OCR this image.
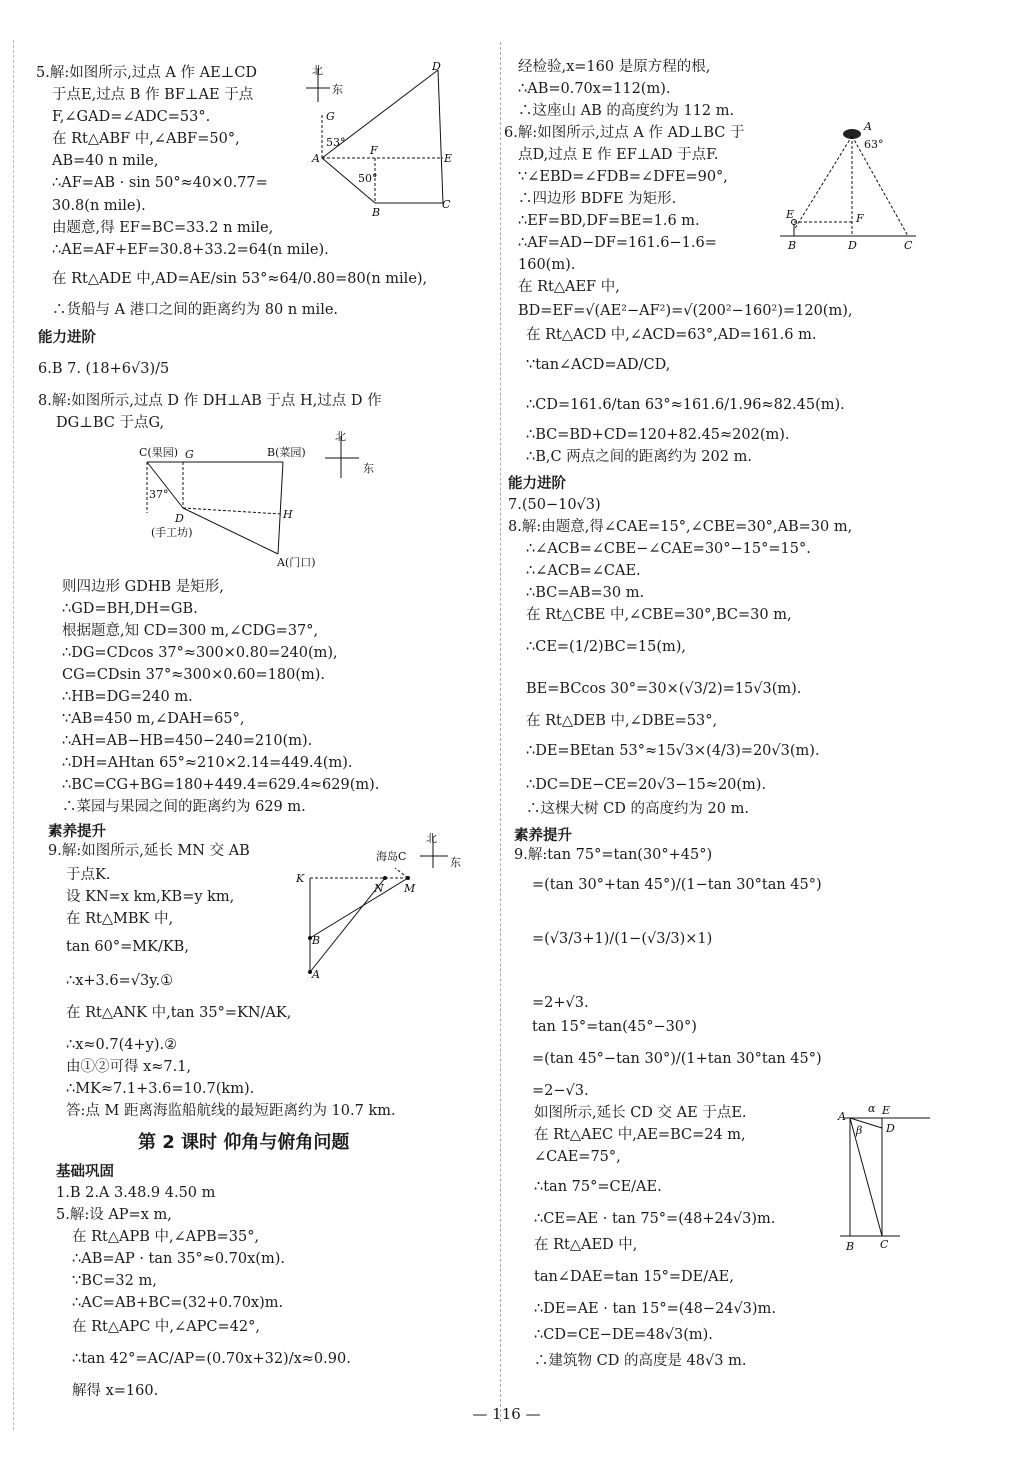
5.解:如图所示,过点 A 作 AE⊥CD
于点E,过点 B 作 BF⊥AE 于点
F,∠GAD=∠ADC=53°.
在 Rt△ABF 中,∠ABF=50°,
AB=40 n mile,
∴AF=AB · sin 50°≈40×0.77=
30.8(n mile).
由题意,得 EF=BC=33.2 n mile,
∴AE=AF+EF=30.8+33.2=64(n mile).
在 Rt△ADE 中,AD=AE/sin 53°≈64/0.80=80(n mile),
∴货船与 A 港口之间的距离约为 80 n mile.
能力进阶
6.B 7. (18+6√3)/5
8.解:如图所示,过点 D 作 DH⊥AB 于点 H,过点 D 作
DG⊥BC 于点G,
则四边形 GDHB 是矩形,
∴GD=BH,DH=GB.
根据题意,知 CD=300 m,∠CDG=37°,
∴DG=CDcos 37°≈300×0.80=240(m),
CG=CDsin 37°≈300×0.60=180(m).
∴HB=DG=240 m.
∵AB=450 m,∠DAH=65°,
∴AH=AB−HB=450−240=210(m).
∴DH=AHtan 65°≈210×2.14=449.4(m).
∴BC=CG+BG=180+449.4=629.4≈629(m).
∴菜园与果园之间的距离约为 629 m.
素养提升
9.解:如图所示,延长 MN 交 AB
于点K.
设 KN=x km,KB=y km,
在 Rt△MBK 中,
tan 60°=MK/KB,
∴x+3.6=√3y.①
在 Rt△ANK 中,tan 35°=KN/AK,
∴x≈0.7(4+y).②
由①②可得 x≈7.1,
∴MK≈7.1+3.6=10.7(km).
答:点 M 距离海监船航线的最短距离约为 10.7 km.
第 2 课时 仰角与俯角问题
基础巩固
1.B 2.A 3.48.9 4.50 m
5.解:设 AP=x m,
在 Rt△APB 中,∠APB=35°,
∴AB=AP · tan 35°≈0.70x(m).
∵BC=32 m,
∴AC=AB+BC=(32+0.70x)m.
在 Rt△APC 中,∠APC=42°,
∴tan 42°=AC/AP=(0.70x+32)/x≈0.90.
解得 x=160.
北
东
D
G
53°
A
F
E
50°
B
C
C(果园) G	B(菜园)
37°
D
(手工坊)
H
A(门口)
北
东
北
东
海岛C
K
N M
B
A
经检验,x=160 是原方程的根,
∴AB=0.70x=112(m).
∴这座山 AB 的高度约为 112 m.
6.解:如图所示,过点 A 作 AD⊥BC 于
点D,过点 E 作 EF⊥AD 于点F.
∵∠EBD=∠FDB=∠DFE=90°,
∴四边形 BDFE 为矩形.
∴EF=BD,DF=BE=1.6 m.
∴AF=AD−DF=161.6−1.6=
160(m).
在 Rt△AEF 中,
BD=EF=√(AE²−AF²)=√(200²−160²)=120(m),
在 Rt△ACD 中,∠ACD=63°,AD=161.6 m.
∵tan∠ACD=AD/CD,
∴CD=161.6/tan 63°≈161.6/1.96≈82.45(m).
∴BC=BD+CD=120+82.45≈202(m).
∴B,C 两点之间的距离约为 202 m.
能力进阶
7.(50−10√3)
8.解:由题意,得∠CAE=15°,∠CBE=30°,AB=30 m,
∴∠ACB=∠CBE−∠CAE=30°−15°=15°.
∴∠ACB=∠CAE.
∴BC=AB=30 m.
在 Rt△CBE 中,∠CBE=30°,BC=30 m,
∴CE=(1/2)BC=15(m),
BE=BCcos 30°=30×(√3/2)=15√3(m).
在 Rt△DEB 中,∠DBE=53°,
∴DE=BEtan 53°≈15√3×(4/3)=20√3(m).
∴DC=DE−CE=20√3−15≈20(m).
∴这棵大树 CD 的高度约为 20 m.
素养提升
9.解:tan 75°=tan(30°+45°)
=(tan 30°+tan 45°)/(1−tan 30°tan 45°)
=(√3/3+1)/(1−(√3/3)×1)
=2+√3.
tan 15°=tan(45°−30°)
=(tan 45°−tan 30°)/(1+tan 30°tan 45°)
=2−√3.
如图所示,延长 CD 交 AE 于点E.
在 Rt△AEC 中,AE=BC=24 m,
∠CAE=75°,
∴tan 75°=CE/AE.
∴CE=AE · tan 75°=(48+24√3)m.
在 Rt△AED 中,
tan∠DAE=tan 15°=DE/AE,
∴DE=AE · tan 15°=(48−24√3)m.
∴CD=CE−DE=48√3(m).
∴建筑物 CD 的高度是 48√3 m.
A
63°
E	F
B	D	C
A
α E
β D
B C
— 116 —
